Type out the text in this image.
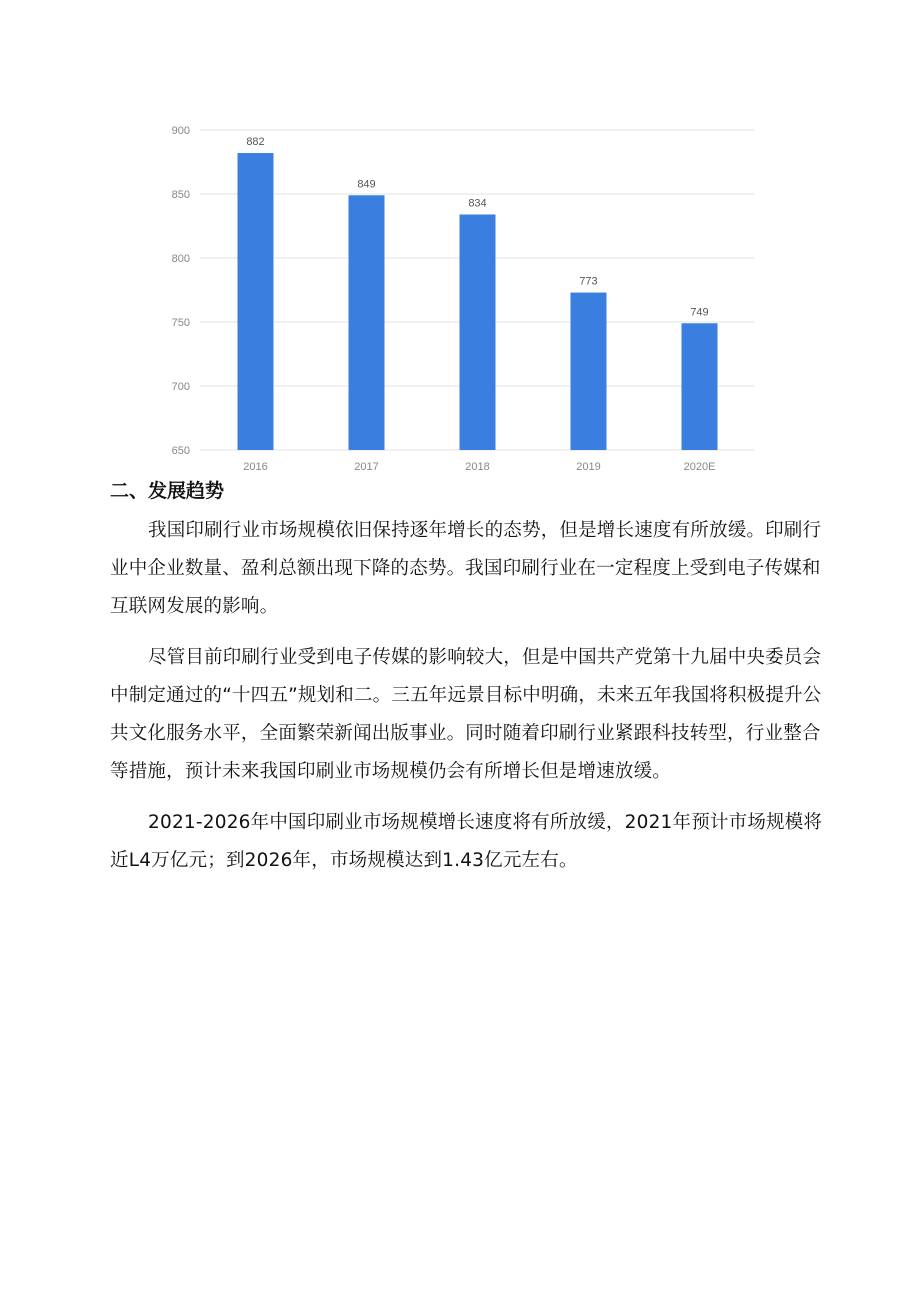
900
850
800
750
700
650
882
2016
849
2017
834
2018
773
2019
749
2020E
二、发展趋势

我国印刷行业市场规模依旧保持逐年增长的态势，但是增长速度有所放缓。印刷行业中企业数量、盈利总额出现下降的态势。我国印刷行业在一定程度上受到电子传媒和互联网发展的影响。

尽管目前印刷行业受到电子传媒的影响较大，但是中国共产党第十九届中央委员会中制定通过的“十四五”规划和二。三五年远景目标中明确，未来五年我国将积极提升公共文化服务水平，全面繁荣新闻出版事业。同时随着印刷行业紧跟科技转型，行业整合等措施，预计未来我国印刷业市场规模仍会有所增长但是增速放缓。

2021-2026年中国印刷业市场规模增长速度将有所放缓，2021年预计市场规模将近L4万亿元；到2026年，市场规模达到1.43亿元左右。
